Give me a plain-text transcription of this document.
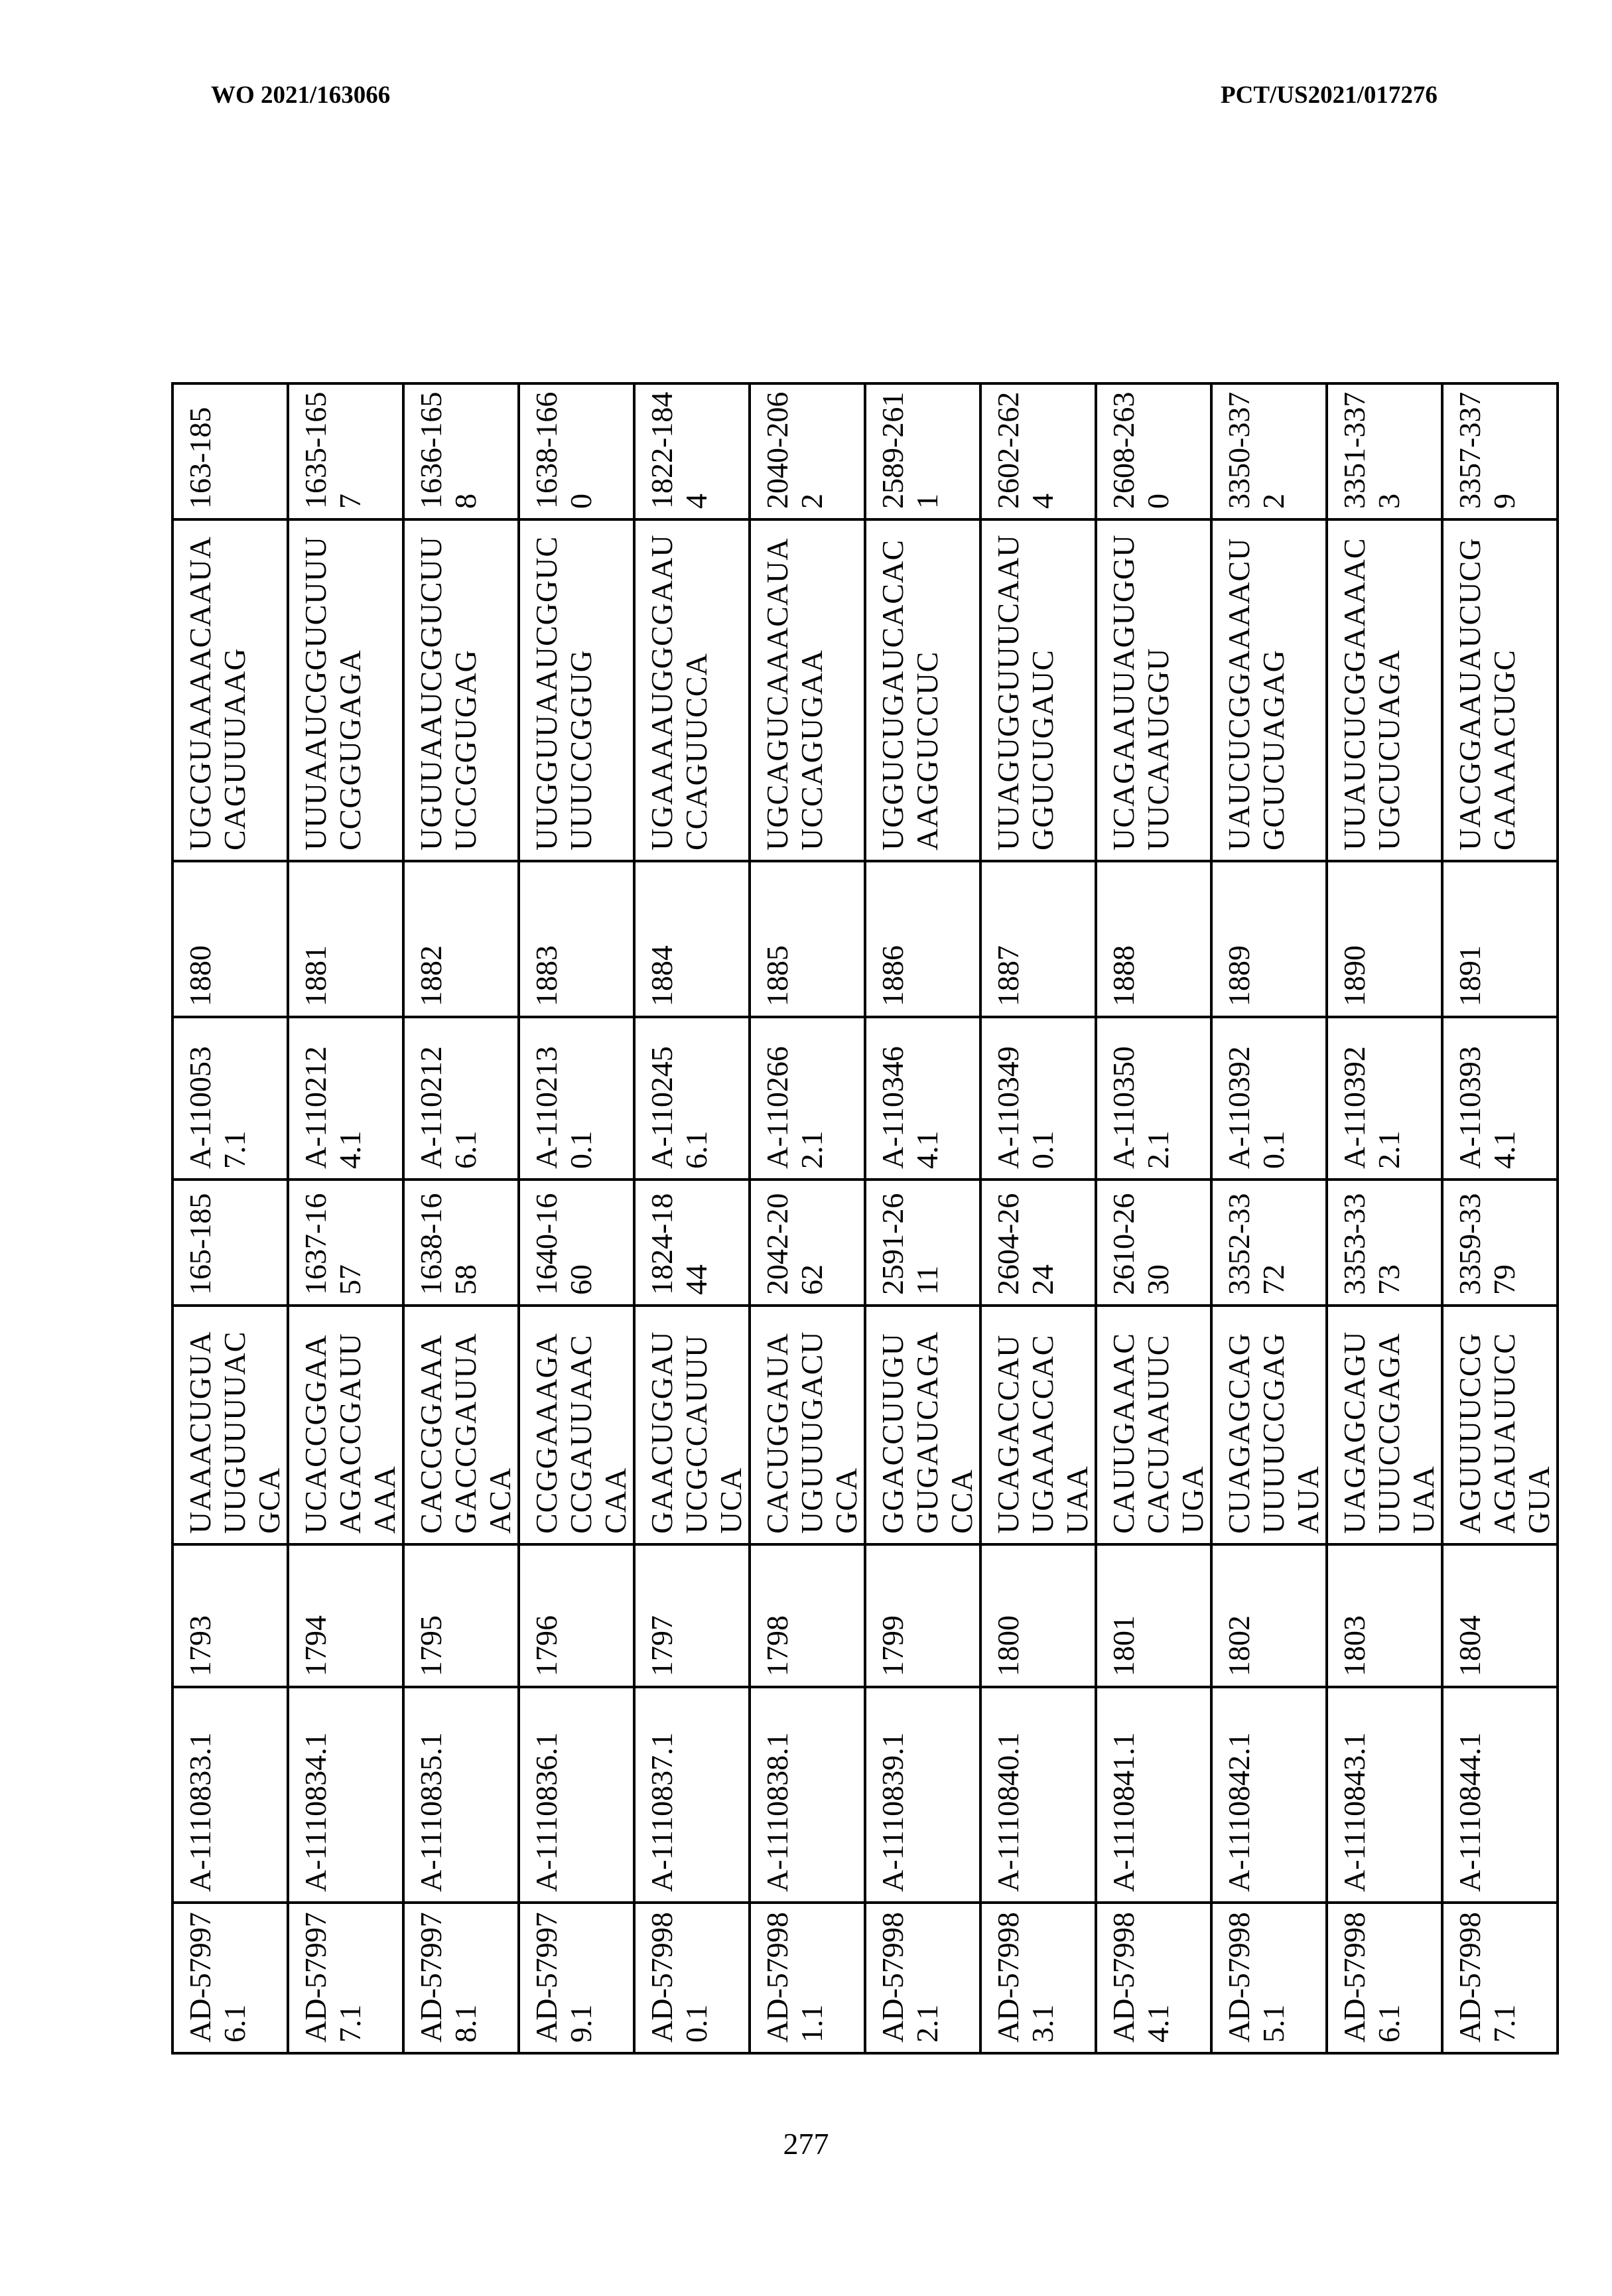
WO 2021/163066	PCT/US2021/017276
AD-579976.1	A-1110833.1	1793	UAAACUGUAUUGUUUUACGCA	165-185	A-1100537.1	1880	UGCGUAAAACAAUACAGUUUAAG	163-185
AD-579977.1	A-1110834.1	1794	UCACCGGAAAGACCGAUUAAA	1637-1657	A-1102124.1	1881	UUUAAUCGGUCUUUCCGGUGAGA	1635-1657
AD-579978.1	A-1110835.1	1795	CACCGGAAAGACCGAUUAACA	1638-1658	A-1102126.1	1882	UGUUAAUCGGUCUUUCCGGUGAG	1636-1658
AD-579979.1	A-1110836.1	1796	CCGGAAAGACCGAUUAACCAA	1640-1660	A-1102130.1	1883	UUGGUUAAUCGGUCUUUCCGGUG	1638-1660
AD-579980.1	A-1110837.1	1797	GAACUGGAUUCGCCAUUUUCA	1824-1844	A-1102456.1	1884	UGAAAAUGGCGAAUCCAGUUCCA	1822-1844
AD-579981.1	A-1110838.1	1798	CACUGGAUAUGUUUGACUGCA	2042-2062	A-1102662.1	1885	UGCAGUCAAACAUAUCCAGUGAA	2040-2062
AD-579982.1	A-1110839.1	1799	GGACCUUGUGUGAUCAGACCA	2591-2611	A-1103464.1	1886	UGGUCUGAUCACACAAGGUCCUC	2589-2611
AD-579983.1	A-1110840.1	1800	UCAGACCAUUGAAACCACUAA	2604-2624	A-1103490.1	1887	UUAGUGGUUUCAAUGGUCUGAUC	2602-2624
AD-579984.1	A-1110841.1	1801	CAUUGAAACCACUAAUUCUGA	2610-2630	A-1103502.1	1888	UCAGAAUUAGUGGUUUCAAUGGU	2608-2630
AD-579985.1	A-1110842.1	1802	CUAGAGCAGUUUUCCGAGAUA	3352-3372	A-1103920.1	1889	UAUCUCGGAAAACUGCUCUAGAG	3350-3372
AD-579986.1	A-1110843.1	1803	UAGAGCAGUUUUCCGAGAUAA	3353-3373	A-1103922.1	1890	UUAUCUCGGAAAACUGCUCUAGA	3351-3373
AD-579987.1	A-1110844.1	1804	AGUUUUCCGAGAUAUUCCGUA	3359-3379	A-1103934.1	1891	UACGGAAUAUCUCGGAAAACUGC	3357-3379
277
